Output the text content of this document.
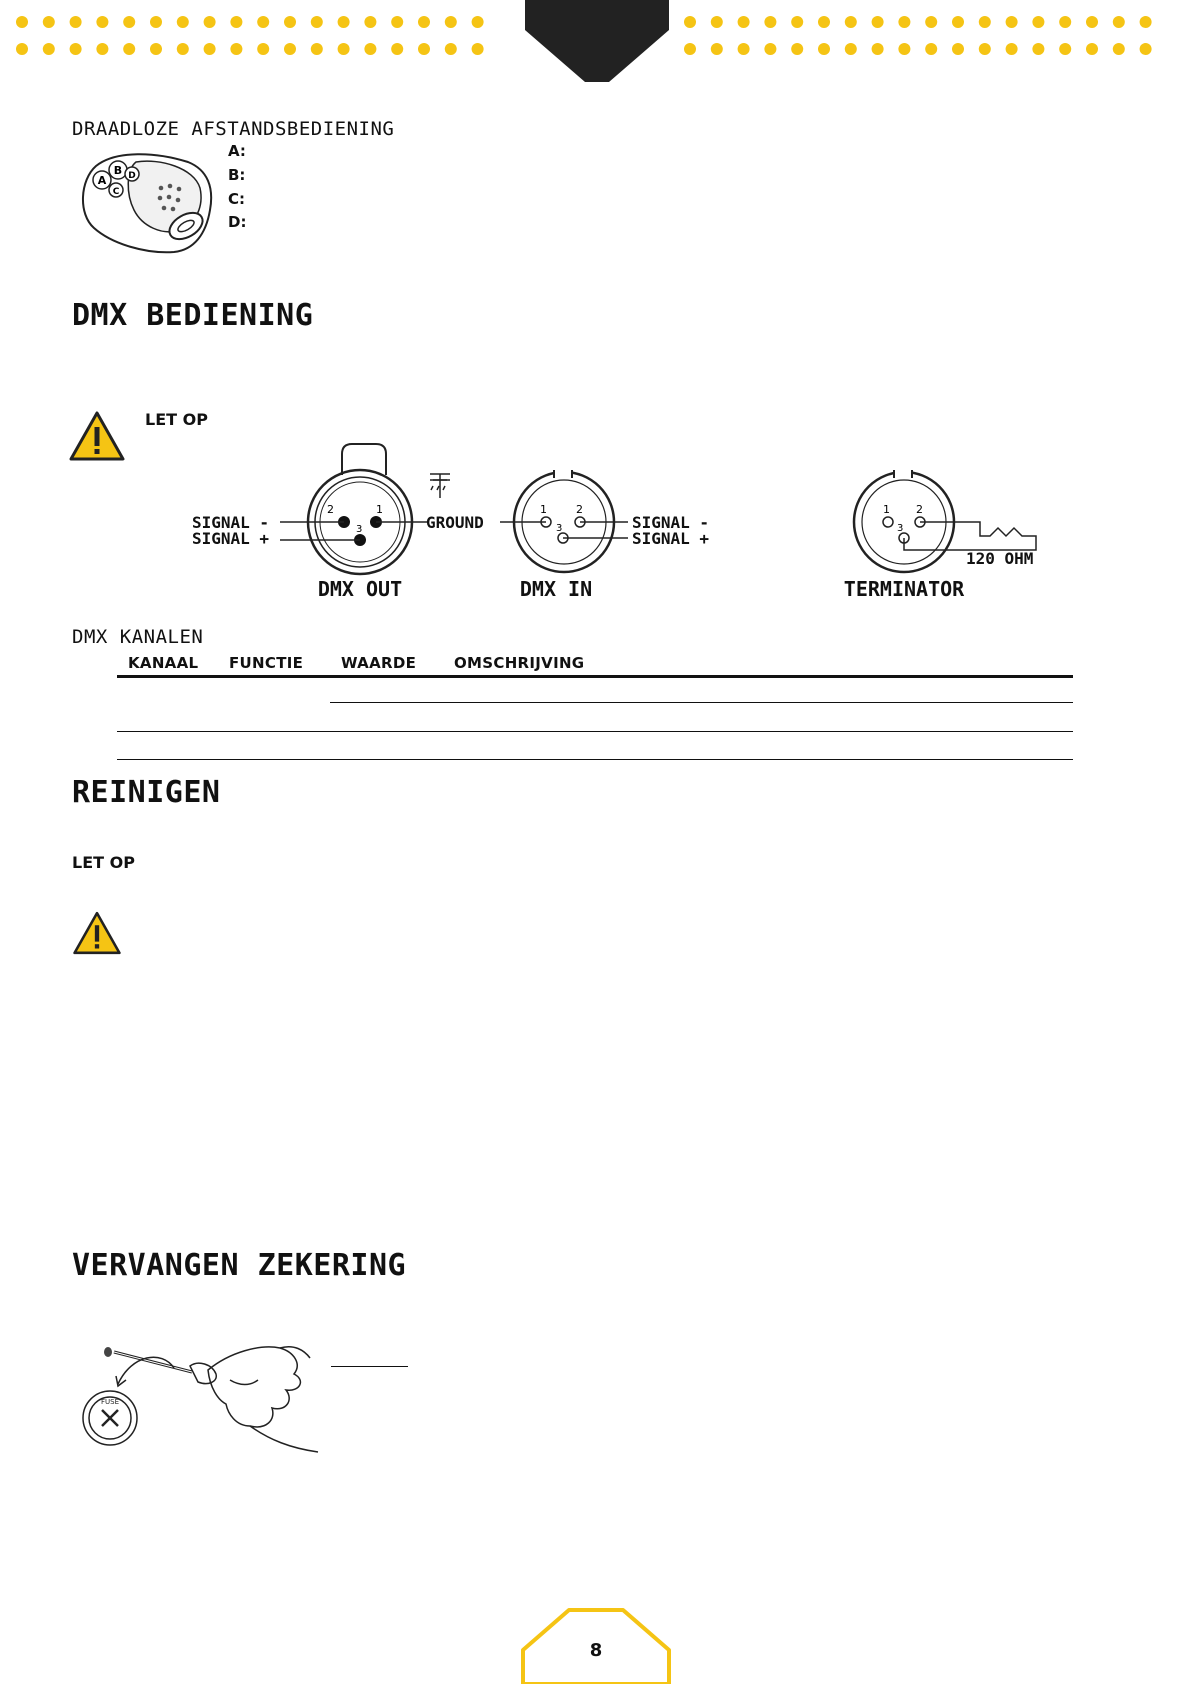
DRAADLOZE AFSTANDSBEDIENING
A
B
C
D
A:
B:
C:
D:
DMX BEDIENING
LET OP
2	1
3
1	2
3
1 2
3
SIGNAL -
SIGNAL +
GROUND	SIGNAL -
SIGNAL +
120 OHM
DMX OUT	DMX IN	TERMINATOR
DMX KANALEN
KANAAL FUNCTIE	WAARDE	OMSCHRIJVING
REINIGEN
LET OP
VERVANGEN ZEKERING
FUSE
8
